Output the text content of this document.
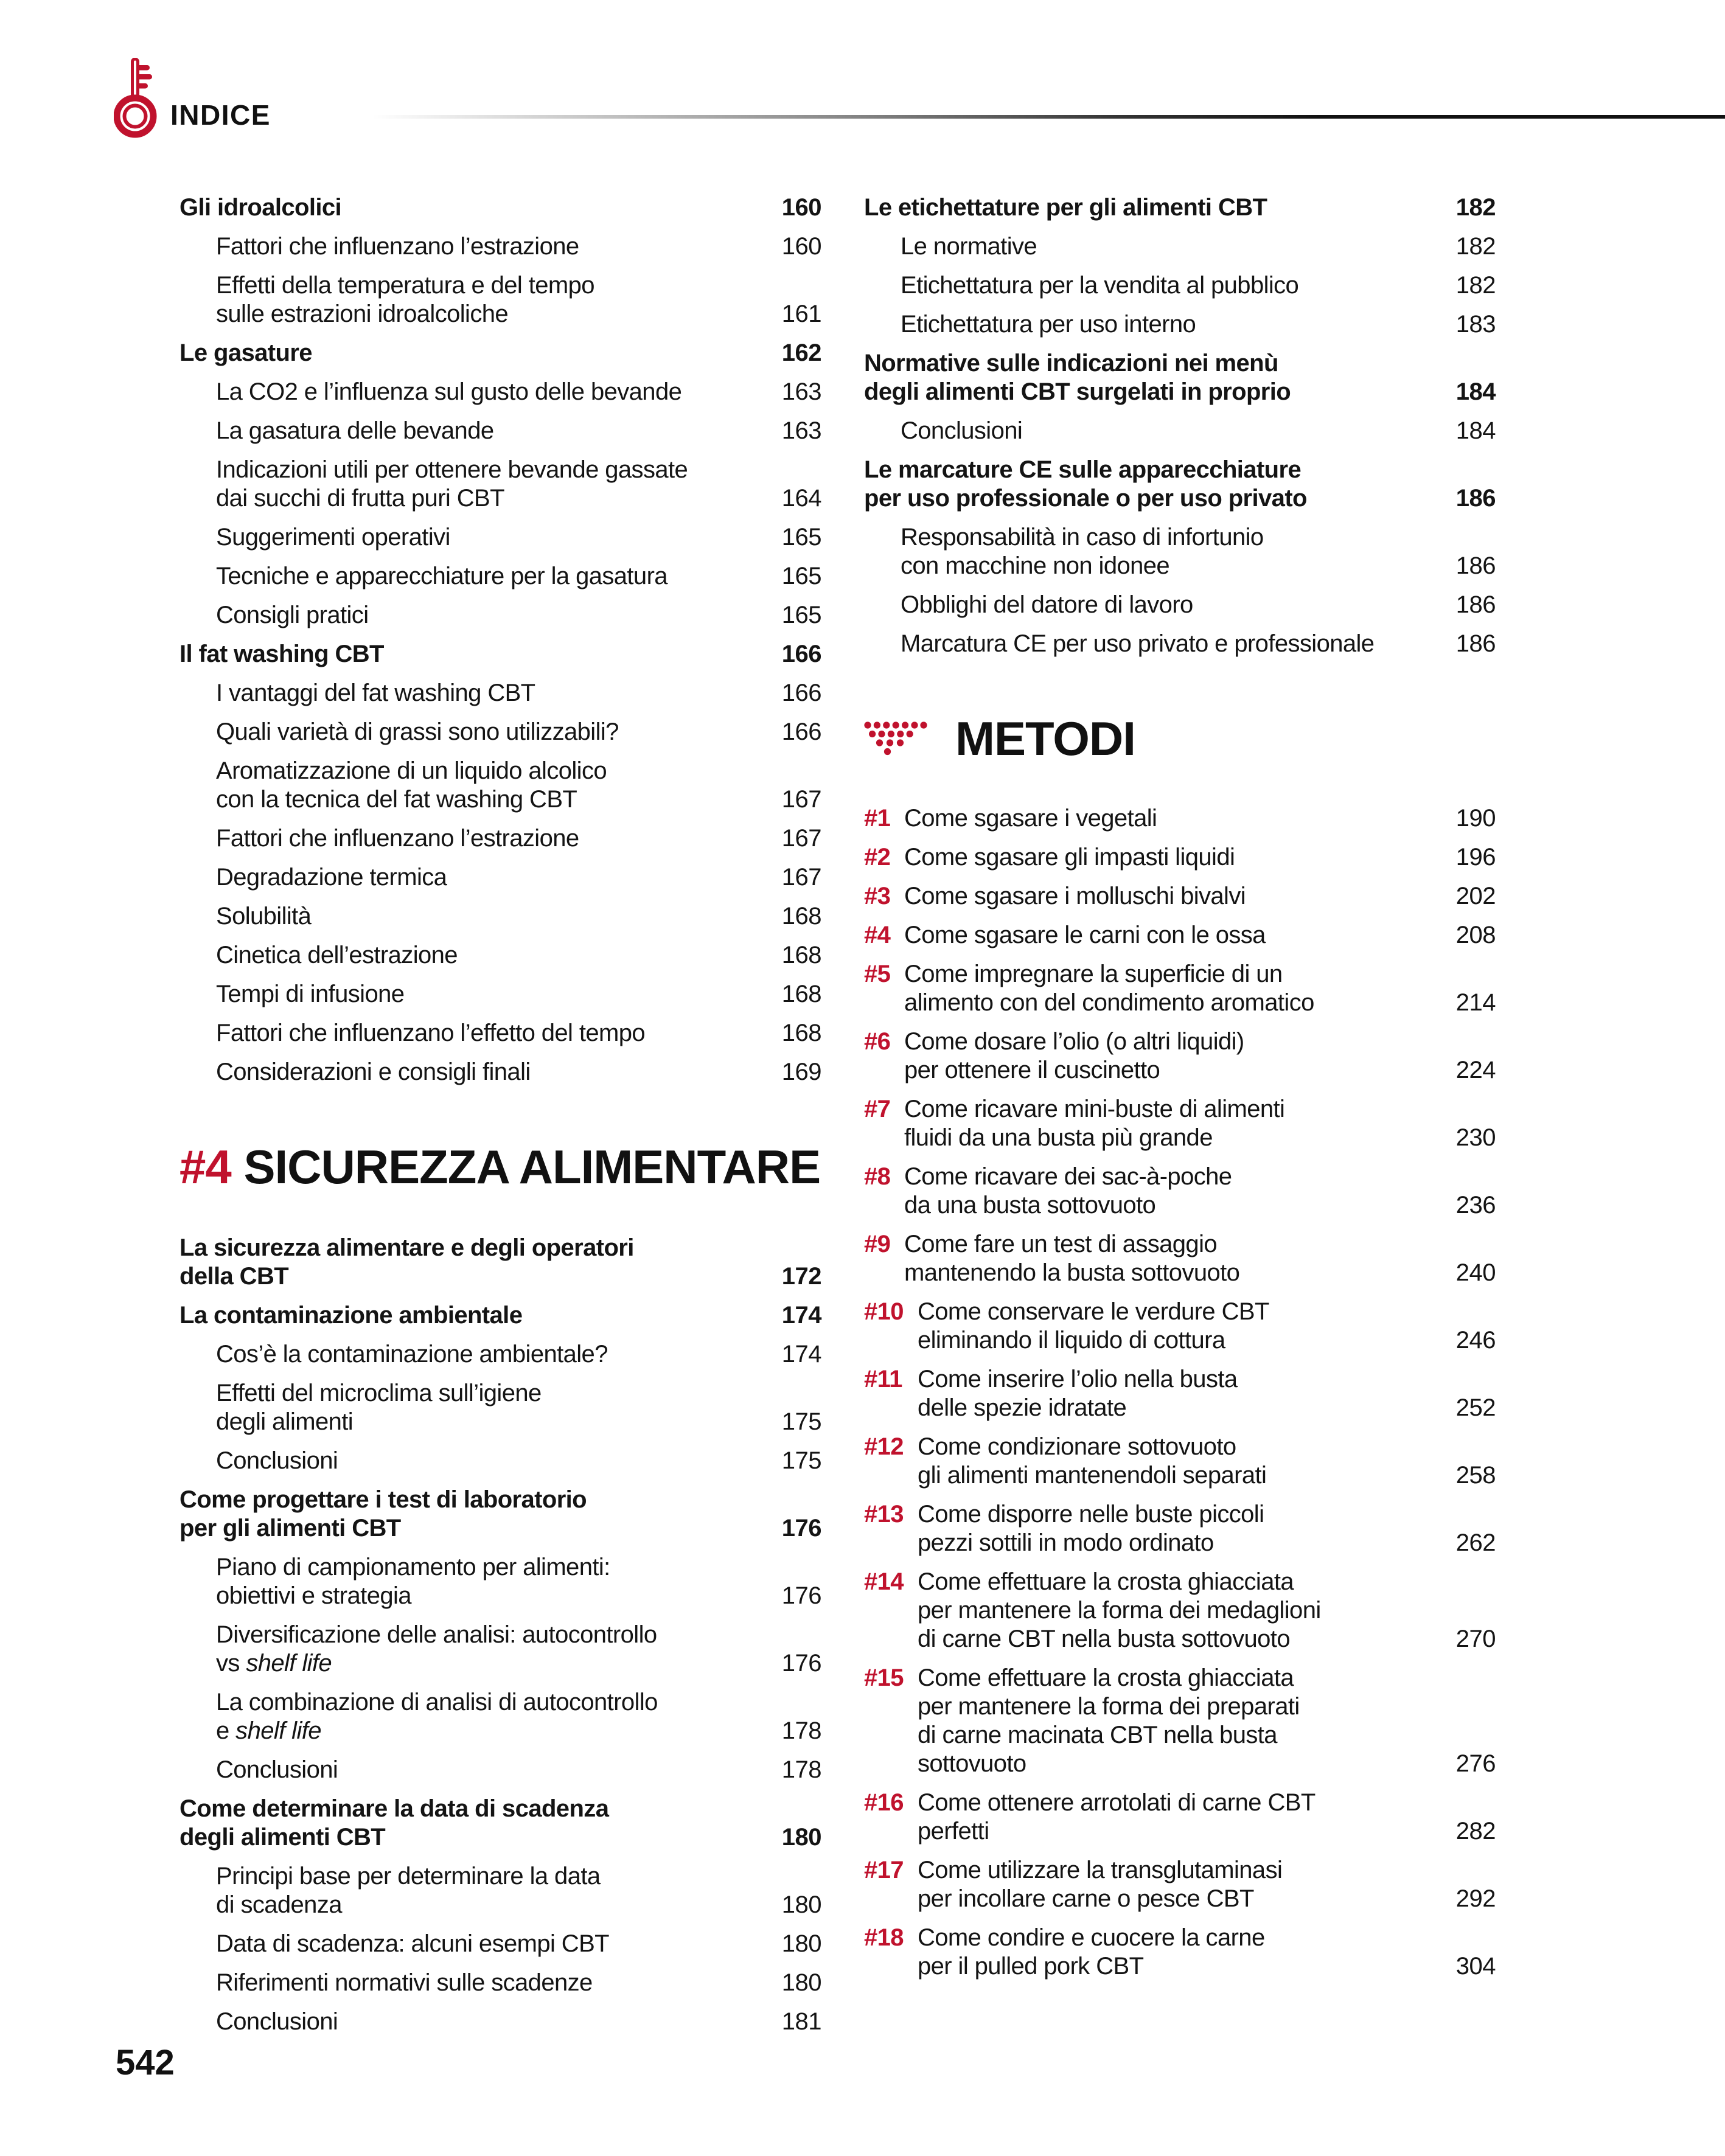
INDICE
Gli idroalcolici	160
Fattori che influenzano l’estrazione	160
Effetti della temperatura e del tempo
sulle estrazioni idroalcoliche	161
Le gasature	162
La CO2 e l’influenza sul gusto delle bevande	163
La gasatura delle bevande	163
Indicazioni utili per ottenere bevande gassate
dai succhi di frutta puri CBT	164
Suggerimenti operativi	165
Tecniche e apparecchiature per la gasatura	165
Consigli pratici	165
Il fat washing CBT	166
I vantaggi del fat washing CBT	166
Quali varietà di grassi sono utilizzabili?	166
Aromatizzazione di un liquido alcolico
con la tecnica del fat washing CBT	167
Fattori che influenzano l’estrazione	167
Degradazione termica	167
Solubilità	168
Cinetica dell’estrazione	168
Tempi di infusione	168
Fattori che influenzano l’effetto del tempo	168
Considerazioni e consigli finali	169
#4 SICUREZZA ALIMENTARE
La sicurezza alimentare e degli operatori
della CBT	172
La contaminazione ambientale	174
Cos’è la contaminazione ambientale?	174
Effetti del microclima sull’igiene
degli alimenti	175
Conclusioni	175
Come progettare i test di laboratorio
per gli alimenti CBT	176
Piano di campionamento per alimenti:
obiettivi e strategia	176
Diversificazione delle analisi: autocontrollo
vs shelf life	176
La combinazione di analisi di autocontrollo
e shelf life	178
Conclusioni	178
Come determinare la data di scadenza
degli alimenti CBT	180
Principi base per determinare la data
di scadenza	180
Data di scadenza: alcuni esempi CBT	180
Riferimenti normativi sulle scadenze	180
Conclusioni	181
Le etichettature per gli alimenti CBT	182
Le normative	182
Etichettatura per la vendita al pubblico	182
Etichettatura per uso interno	183
Normative sulle indicazioni nei menù
degli alimenti CBT surgelati in proprio	184
Conclusioni	184
Le marcature CE sulle apparecchiature
per uso professionale o per uso privato	186
Responsabilità in caso di infortunio
con macchine non idonee	186
Obblighi del datore di lavoro	186
Marcatura CE per uso privato e professionale	186
METODI
#1 Come sgasare i vegetali	190
#2 Come sgasare gli impasti liquidi	196
#3 Come sgasare i molluschi bivalvi	202
#4 Come sgasare le carni con le ossa	208
#5 Come impregnare la superficie di un
alimento con del condimento aromatico	214
#6 Come dosare l’olio (o altri liquidi)
per ottenere il cuscinetto	224
#7 Come ricavare mini-buste di alimenti
fluidi da una busta più grande	230
#8 Come ricavare dei sac-à-poche
da una busta sottovuoto	236
#9 Come fare un test di assaggio
mantenendo la busta sottovuoto	240
#10 Come conservare le verdure CBT
eliminando il liquido di cottura	246
#11 Come inserire l’olio nella busta
delle spezie idratate	252
#12 Come condizionare sottovuoto
gli alimenti mantenendoli separati	258
#13 Come disporre nelle buste piccoli
pezzi sottili in modo ordinato	262
#14 Come effettuare la crosta ghiacciata
per mantenere la forma dei medaglioni
di carne CBT nella busta sottovuoto	270
#15 Come effettuare la crosta ghiacciata
per mantenere la forma dei preparati
di carne macinata CBT nella busta
sottovuoto	276
#16 Come ottenere arrotolati di carne CBT
perfetti	282
#17 Come utilizzare la transglutaminasi
per incollare carne o pesce CBT	292
#18 Come condire e cuocere la carne
per il pulled pork CBT	304
542
